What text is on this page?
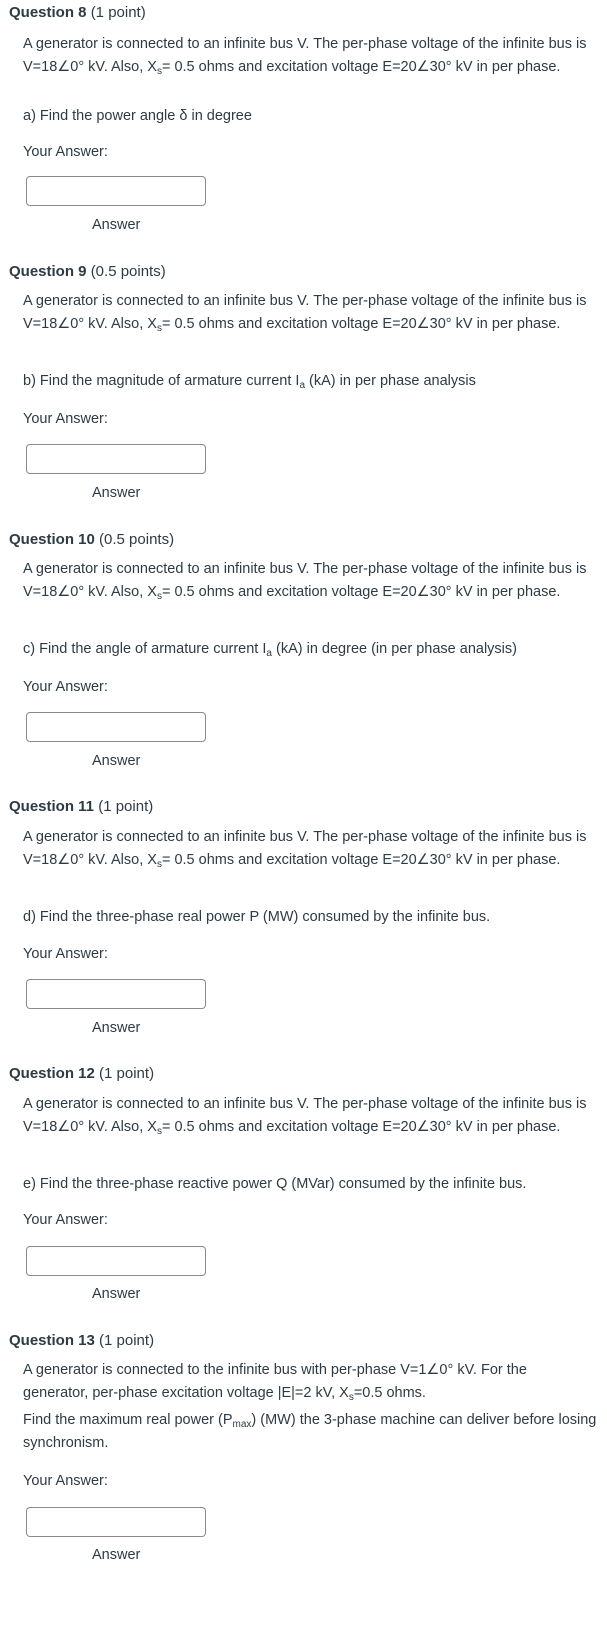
Question 8 (1 point)
A generator is connected to an infinite bus V. The per-phase voltage of the infinite bus is V=18∠0° kV. Also, $X_s= 0.5$ ohms and excitation voltage E=20∠30° kV in per phase.
a) Find the power angle δ in degree
Your Answer:
Answer
Question 9 (0.5 points)
A generator is connected to an infinite bus V. The per-phase voltage of the infinite bus is V=18∠0° kV. Also, $X_s= 0.5$ ohms and excitation voltage E=20∠30° kV in per phase.
b) Find the magnitude of armature current $I_a$ (kA) in per phase analysis
Your Answer:
Answer
Question 10 (0.5 points)
A generator is connected to an infinite bus V. The per-phase voltage of the infinite bus is V=18∠0° kV. Also, $X_s= 0.5$ ohms and excitation voltage E=20∠30° kV in per phase.
c) Find the angle of armature current $I_a$ (kA) in degree (in per phase analysis)
Your Answer:
Answer
Question 11 (1 point)
A generator is connected to an infinite bus V. The per-phase voltage of the infinite bus is V=18∠0° kV. Also, $X_s= 0.5$ ohms and excitation voltage E=20∠30° kV in per phase.
d) Find the three-phase real power P (MW) consumed by the infinite bus.
Your Answer:
Answer
Question 12 (1 point)
A generator is connected to an infinite bus V. The per-phase voltage of the infinite bus is V=18∠0° kV. Also, $X_s= 0.5$ ohms and excitation voltage E=20∠30° kV in per phase.
e) Find the three-phase reactive power Q (MVar) consumed by the infinite bus.
Your Answer:
Answer
Question 13 (1 point)
A generator is connected to the infinite bus with per-phase V=1∠0° kV. For the generator, per-phase excitation voltage |E|=2 kV, $X_s=0.5$ ohms.
Find the maximum real power $(P_{max})$ (MW) the 3-phase machine can deliver before losing synchronism.
Your Answer:
Answer
